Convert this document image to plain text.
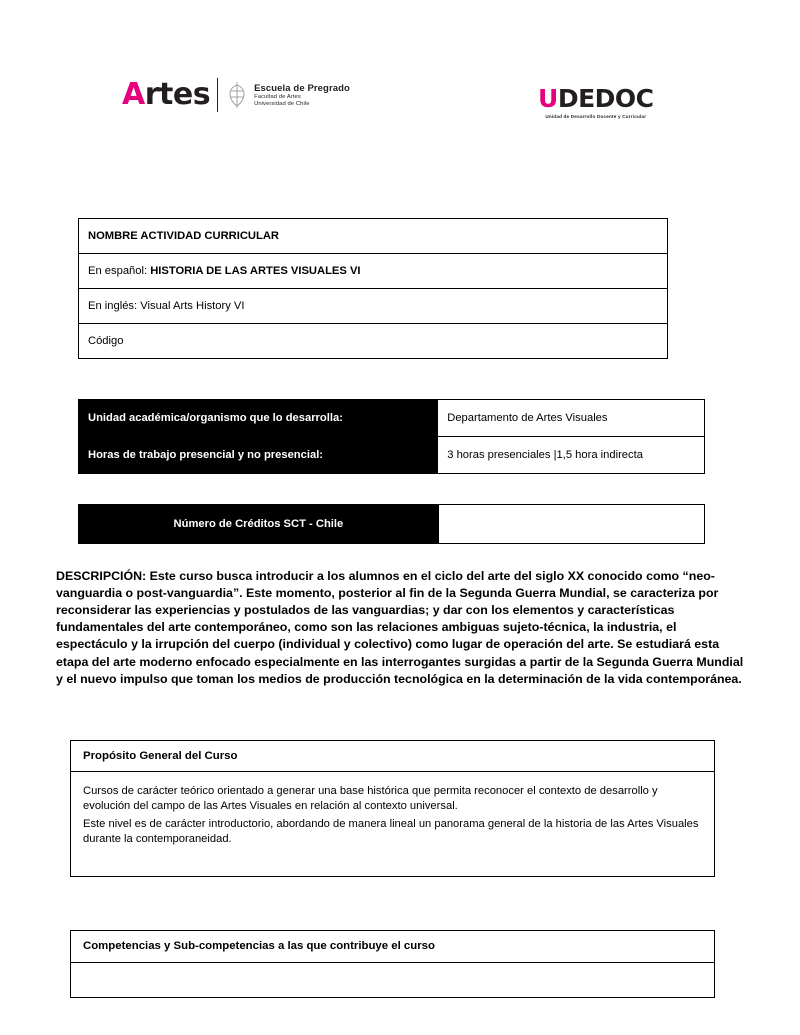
Artes	Escuela de Pregrado
Facultad de Artes
Universidad de Chile	UDEDOC
Unidad de Desarrollo Docente y Curricular
NOMBRE ACTIVIDAD CURRICULAR
En español: HISTORIA DE LAS ARTES VISUALES VI
En inglés: Visual Arts History VI
Código
Unidad académica/organismo que lo desarrolla:	Departamento de Artes Visuales
Horas de trabajo presencial y no presencial:	3 horas presenciales |1,5 hora indirecta
Número de Créditos SCT - Chile	
DESCRIPCIÓN: Este curso busca introducir a los alumnos en el ciclo del arte del siglo XX conocido como “neo-vanguardia o post-vanguardia”. Este momento, posterior al fin de la Segunda Guerra Mundial, se caracteriza por reconsiderar las experiencias y postulados de las vanguardias; y dar con los elementos y características fundamentales del arte contemporáneo, como son las relaciones ambiguas sujeto-técnica, la industria, el espectáculo y la irrupción del cuerpo (individual y colectivo) como lugar de operación del arte. Se estudiará esta etapa del arte moderno enfocado especialmente en las interrogantes surgidas a partir de la Segunda Guerra Mundial y el nuevo impulso que toman los medios de producción tecnológica en la determinación de la vida contemporánea.
Propósito General del Curso

Cursos de carácter teórico orientado a generar una base histórica que permita reconocer el contexto de desarrollo y evolución del campo de las Artes Visuales en relación al contexto universal.

Este nivel es de carácter introductorio, abordando de manera lineal un panorama general de la historia de las Artes Visuales durante la contemporaneidad.

Competencias y Sub-competencias a las que contribuye el curso
